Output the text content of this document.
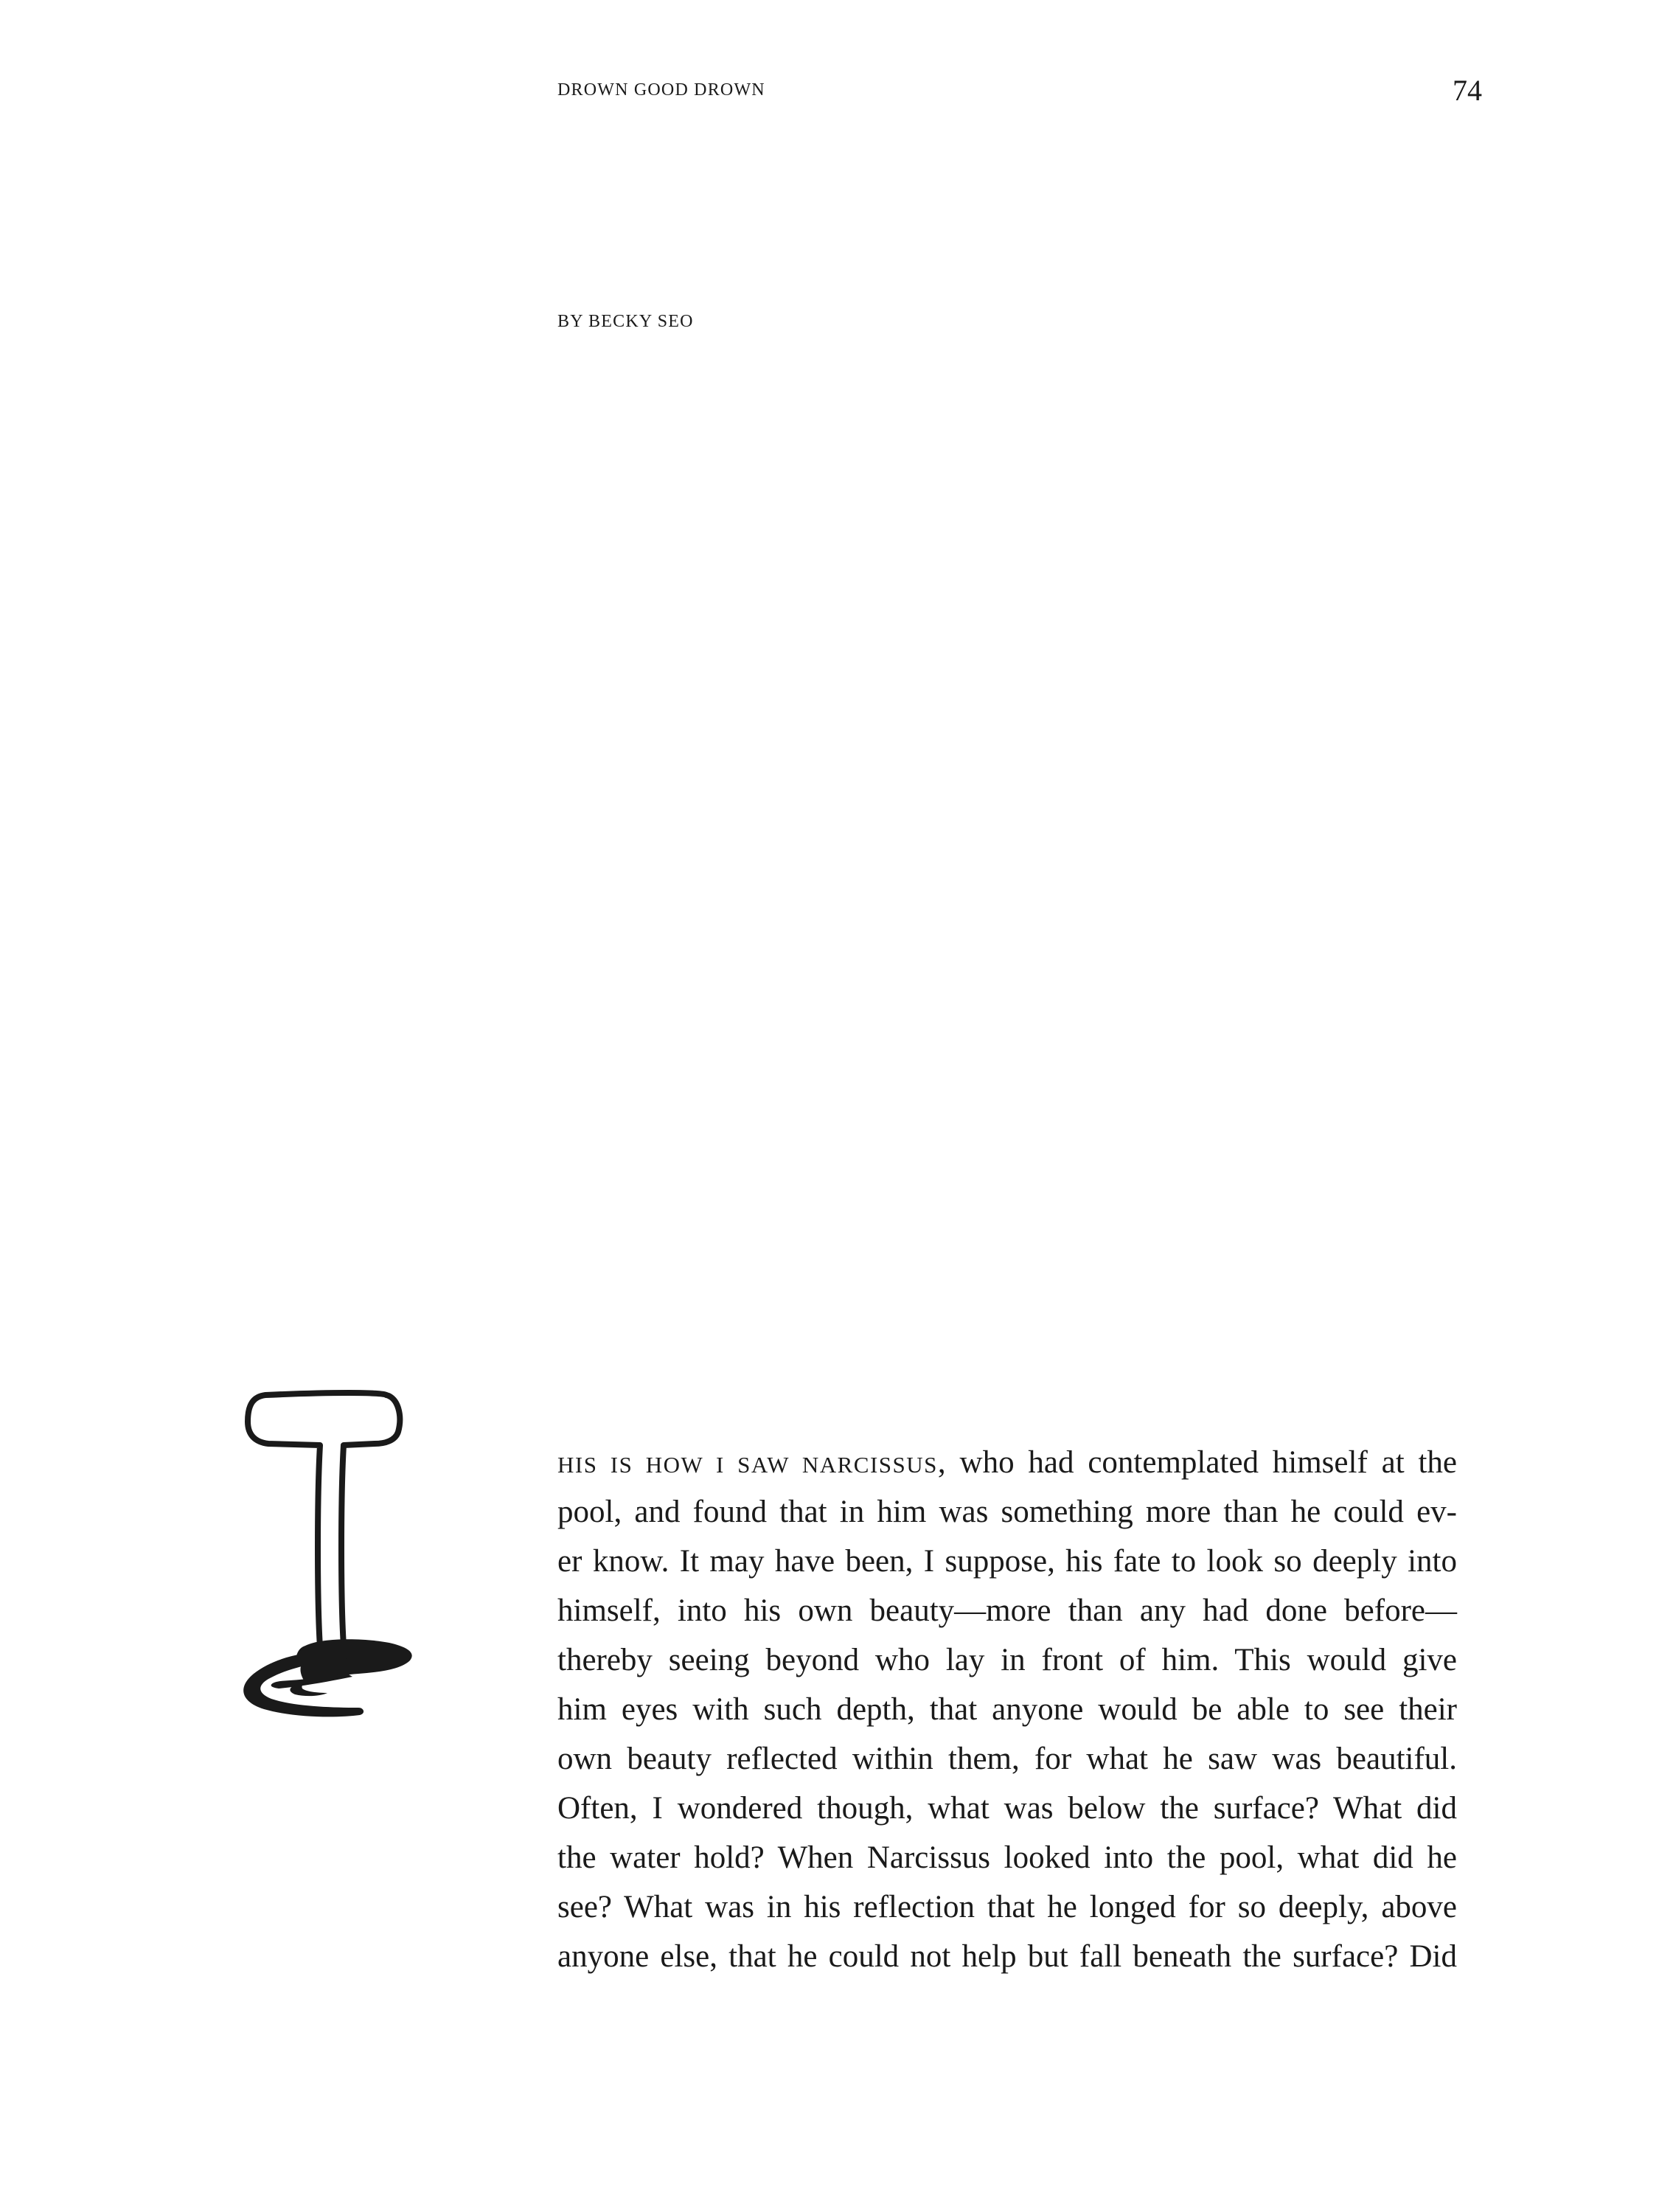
DROWN GOOD DROWN	74
BY BECKY SEO
HIS IS HOW I SAW NARCISSUS, who had contemplated himself at the
pool, and found that in him was something more than he could ev-
er know. It may have been, I suppose, his fate to look so deeply into
himself, into his own beauty—more than any had done before—
thereby seeing beyond who lay in front of him. This would give
him eyes with such depth, that anyone would be able to see their
own beauty reflected within them, for what he saw was beautiful.
Often, I wondered though, what was below the surface? What did
the water hold? When Narcissus looked into the pool, what did he
see? What was in his reflection that he longed for so deeply, above
anyone else, that he could not help but fall beneath the surface? Did
